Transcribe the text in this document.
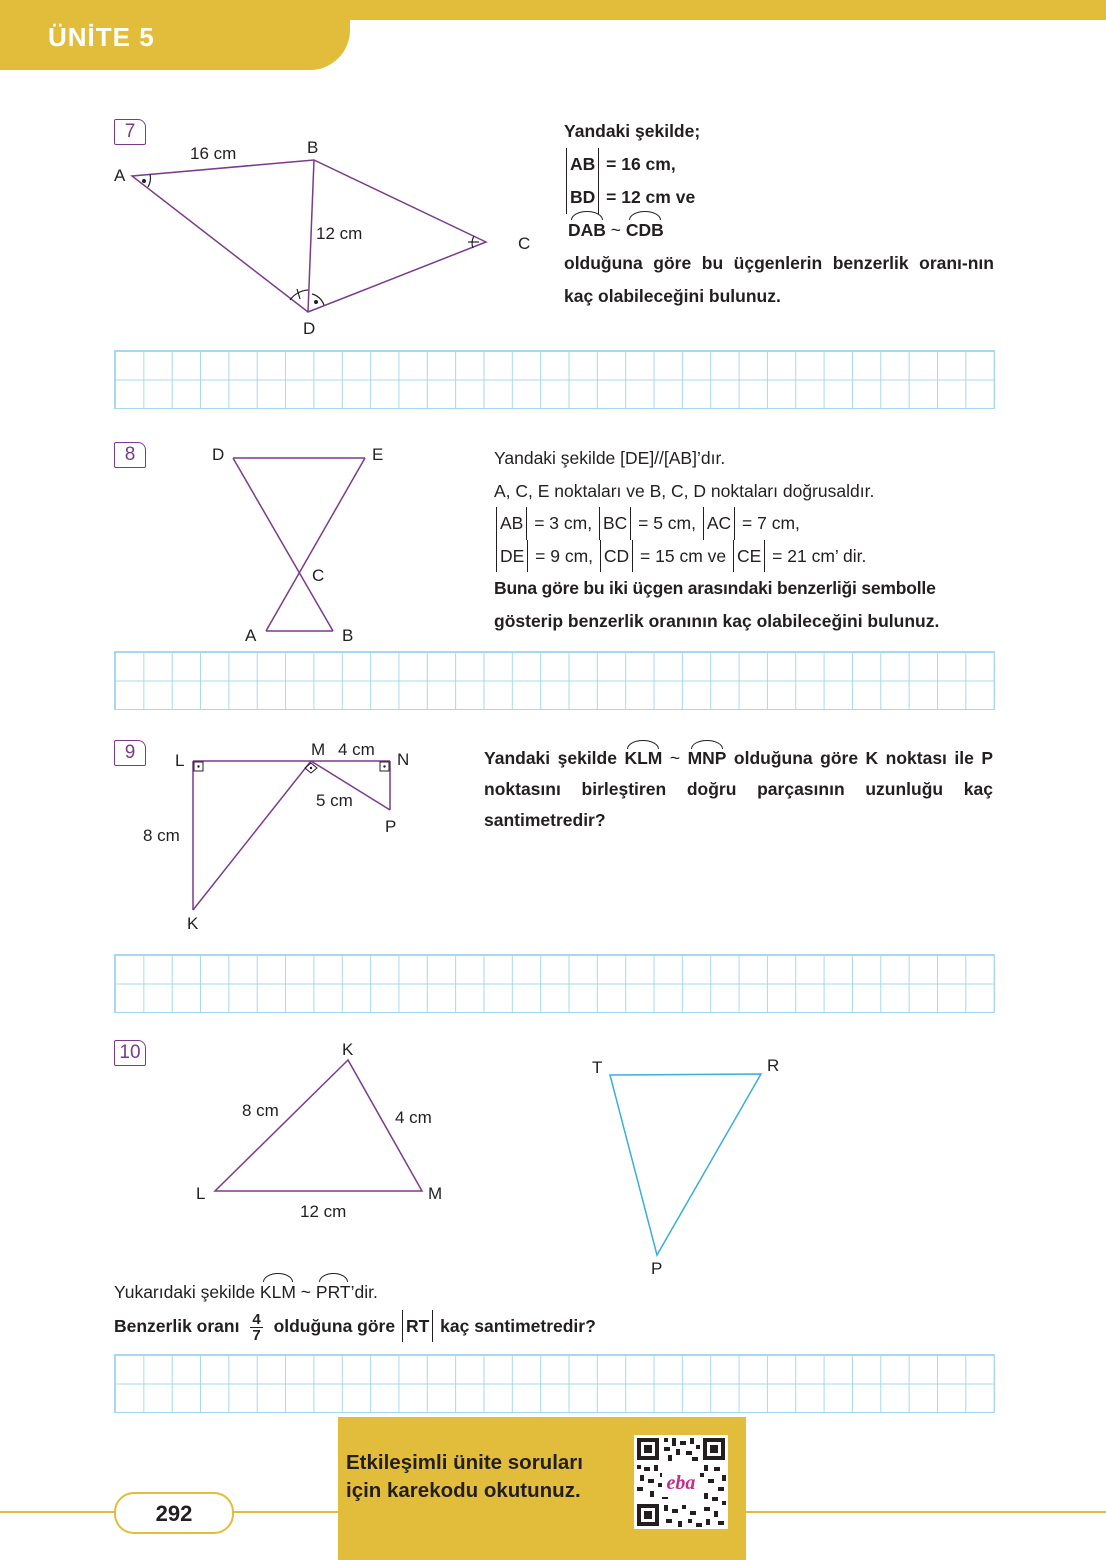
ÜNİTE 5
7
A
B
C
D
16 cm
12 cm

Yandaki şekilde;

AB = 16 cm,

BD = 12 cm ve

DAB ~ CDB

olduğuna göre bu üçgenlerin benzerlik oranı-nın kaç olabileceğini bulunuz.

8	D	E
C
A	B

Yandaki şekilde [DE]//[AB]’dır.

A, C, E noktaları ve B, C, D noktaları doğrusaldır.

AB = 3 cm, BC = 5 cm, AC = 7 cm,

DE = 9 cm, CD = 15 cm ve CE = 21 cm’ dir.

Buna göre bu iki üçgen arasındaki benzerliği sembolle

gösterip benzerlik oranının kaç olabileceğini bulunuz.

9	L
M
N
P
K
4 cm
5 cm
8 cm
Yandaki şekilde KLM ~ MNP olduğuna göre K noktası ile P noktasını birleştiren doğru parçasının uzunluğu kaç santimetredir?
10	K
L	M
8 cm	4 cm
12 cm
T	R
P

Yukarıdaki şekilde KLM ~ PRT’dir.

Benzerlik oranı $\frac{4}{7}$ olduğuna göre RT kaç santimetredir?

292
Etkileşimli ünite soruları
için karekodu okutunuz.	eba
